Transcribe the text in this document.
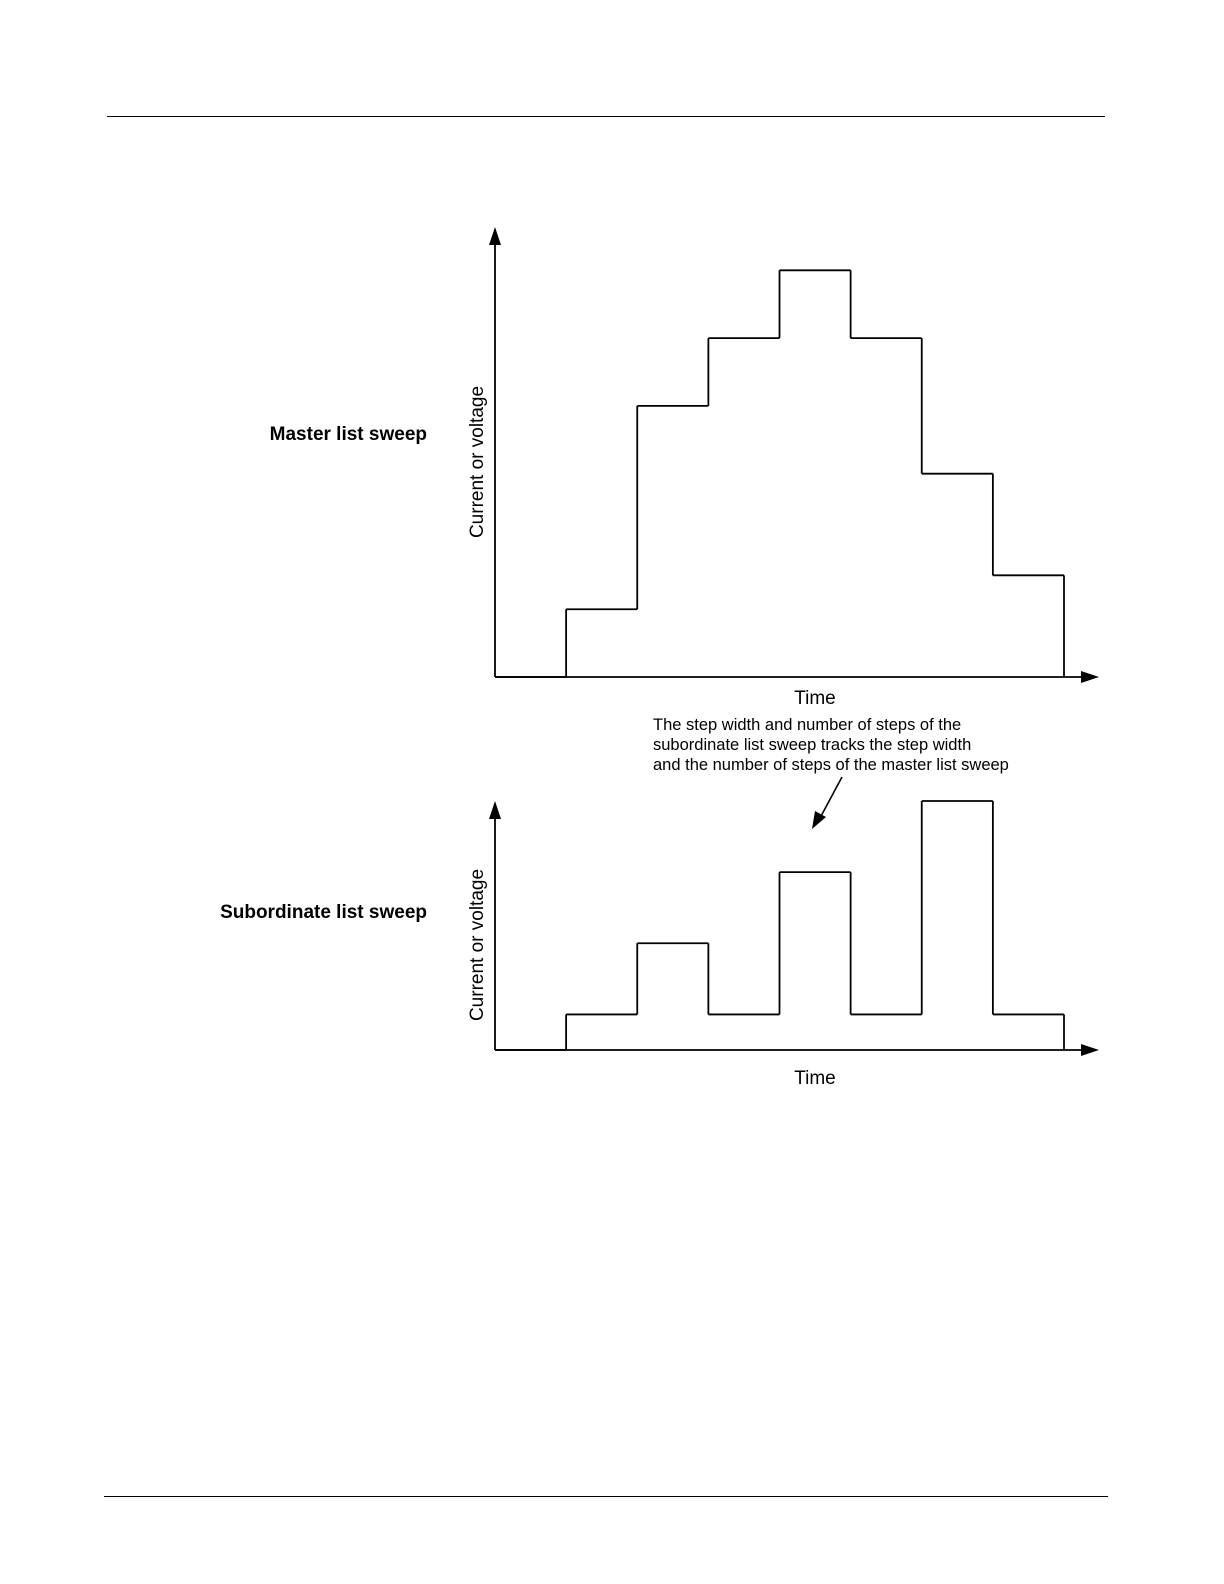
Master list sweep Current or voltage
Time
The step width and number of steps of the
subordinate list sweep tracks the step width
and the number of steps of the master list sweep
Subordinate list sweep Current or voltage
Time
